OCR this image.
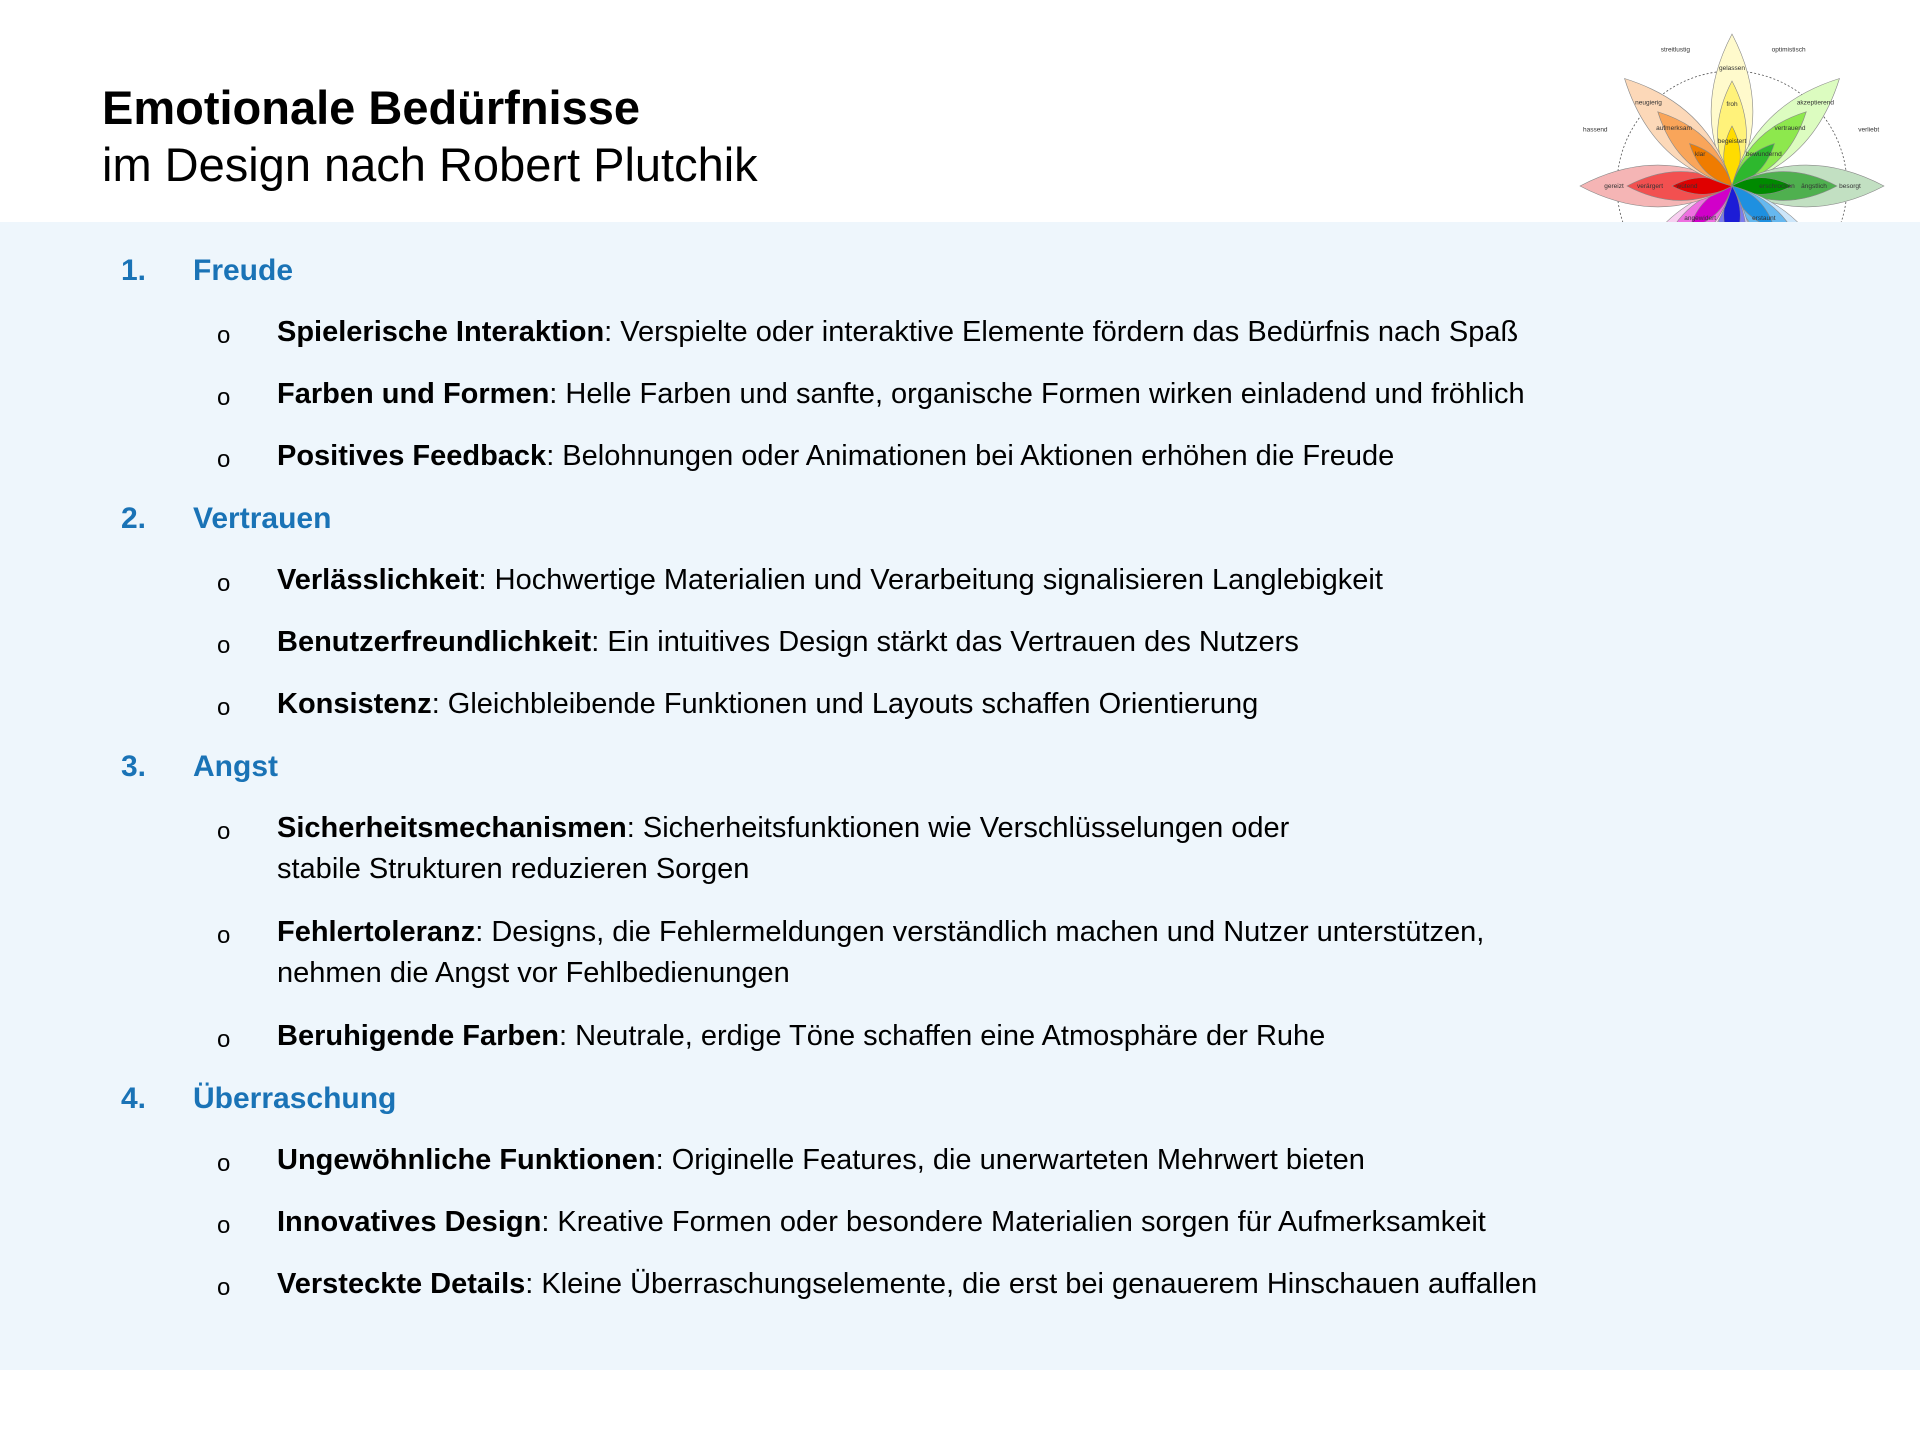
Emotionale Bedürfnisse
im Design nach Robert Plutchik
gelassen
froh
begeistert
akzeptierend
vertrauend
bewundernd
besorgt
ängstlich
erschrocken
erstaunt
angewidert
gereizt verärgert wütend
neugierig
aufmerksam
klar
optimistisch
verliebt
hassend
streitlustig
1.	Freude
o	Spielerische Interaktion: Verspielte oder interaktive Elemente fördern das Bedürfnis nach Spaß
o	Farben und Formen: Helle Farben und sanfte, organische Formen wirken einladend und fröhlich
o	Positives Feedback: Belohnungen oder Animationen bei Aktionen erhöhen die Freude
2.	Vertrauen
o	Verlässlichkeit: Hochwertige Materialien und Verarbeitung signalisieren Langlebigkeit
o	Benutzerfreundlichkeit: Ein intuitives Design stärkt das Vertrauen des Nutzers
o	Konsistenz: Gleichbleibende Funktionen und Layouts schaffen Orientierung
3.	Angst
o	Sicherheitsmechanismen: Sicherheitsfunktionen wie Verschlüsselungen oder
stabile Strukturen reduzieren Sorgen
o	Fehlertoleranz: Designs, die Fehlermeldungen verständlich machen und Nutzer unterstützen,
nehmen die Angst vor Fehlbedienungen
o	Beruhigende Farben: Neutrale, erdige Töne schaffen eine Atmosphäre der Ruhe
4.	Überraschung
o	Ungewöhnliche Funktionen: Originelle Features, die unerwarteten Mehrwert bieten
o	Innovatives Design: Kreative Formen oder besondere Materialien sorgen für Aufmerksamkeit
o	Versteckte Details: Kleine Überraschungselemente, die erst bei genauerem Hinschauen auffallen
